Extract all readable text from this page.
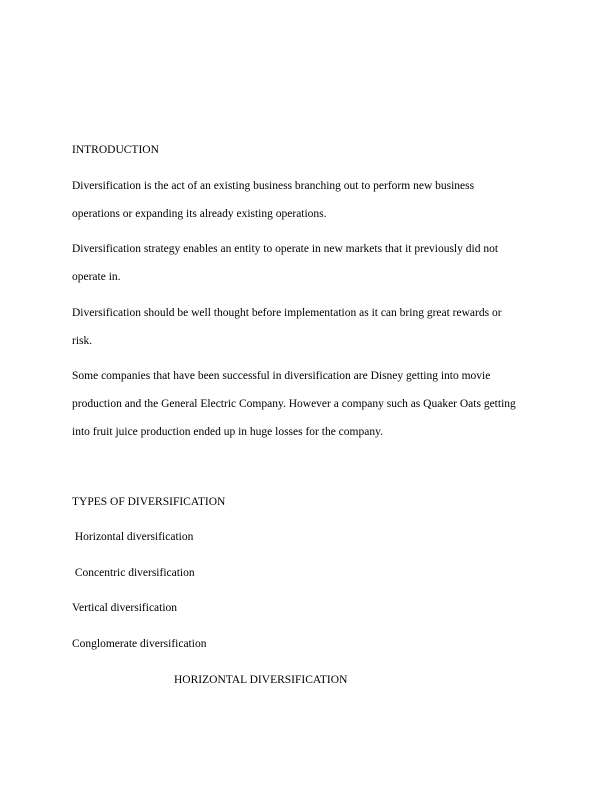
INTRODUCTION

Diversification is the act of an existing business branching out to perform new business

operations or expanding its already existing operations.

Diversification strategy enables an entity to operate in new markets that it previously did not

operate in.

Diversification should be well thought before implementation as it can bring great rewards or

risk.

Some companies that have been successful in diversification are Disney getting into movie

production and the General Electric Company. However a company such as Quaker Oats getting

into fruit juice production ended up in huge losses for the company.

TYPES OF DIVERSIFICATION

Horizontal diversification

Concentric diversification

Vertical diversification

Conglomerate diversification

HORIZONTAL DIVERSIFICATION
